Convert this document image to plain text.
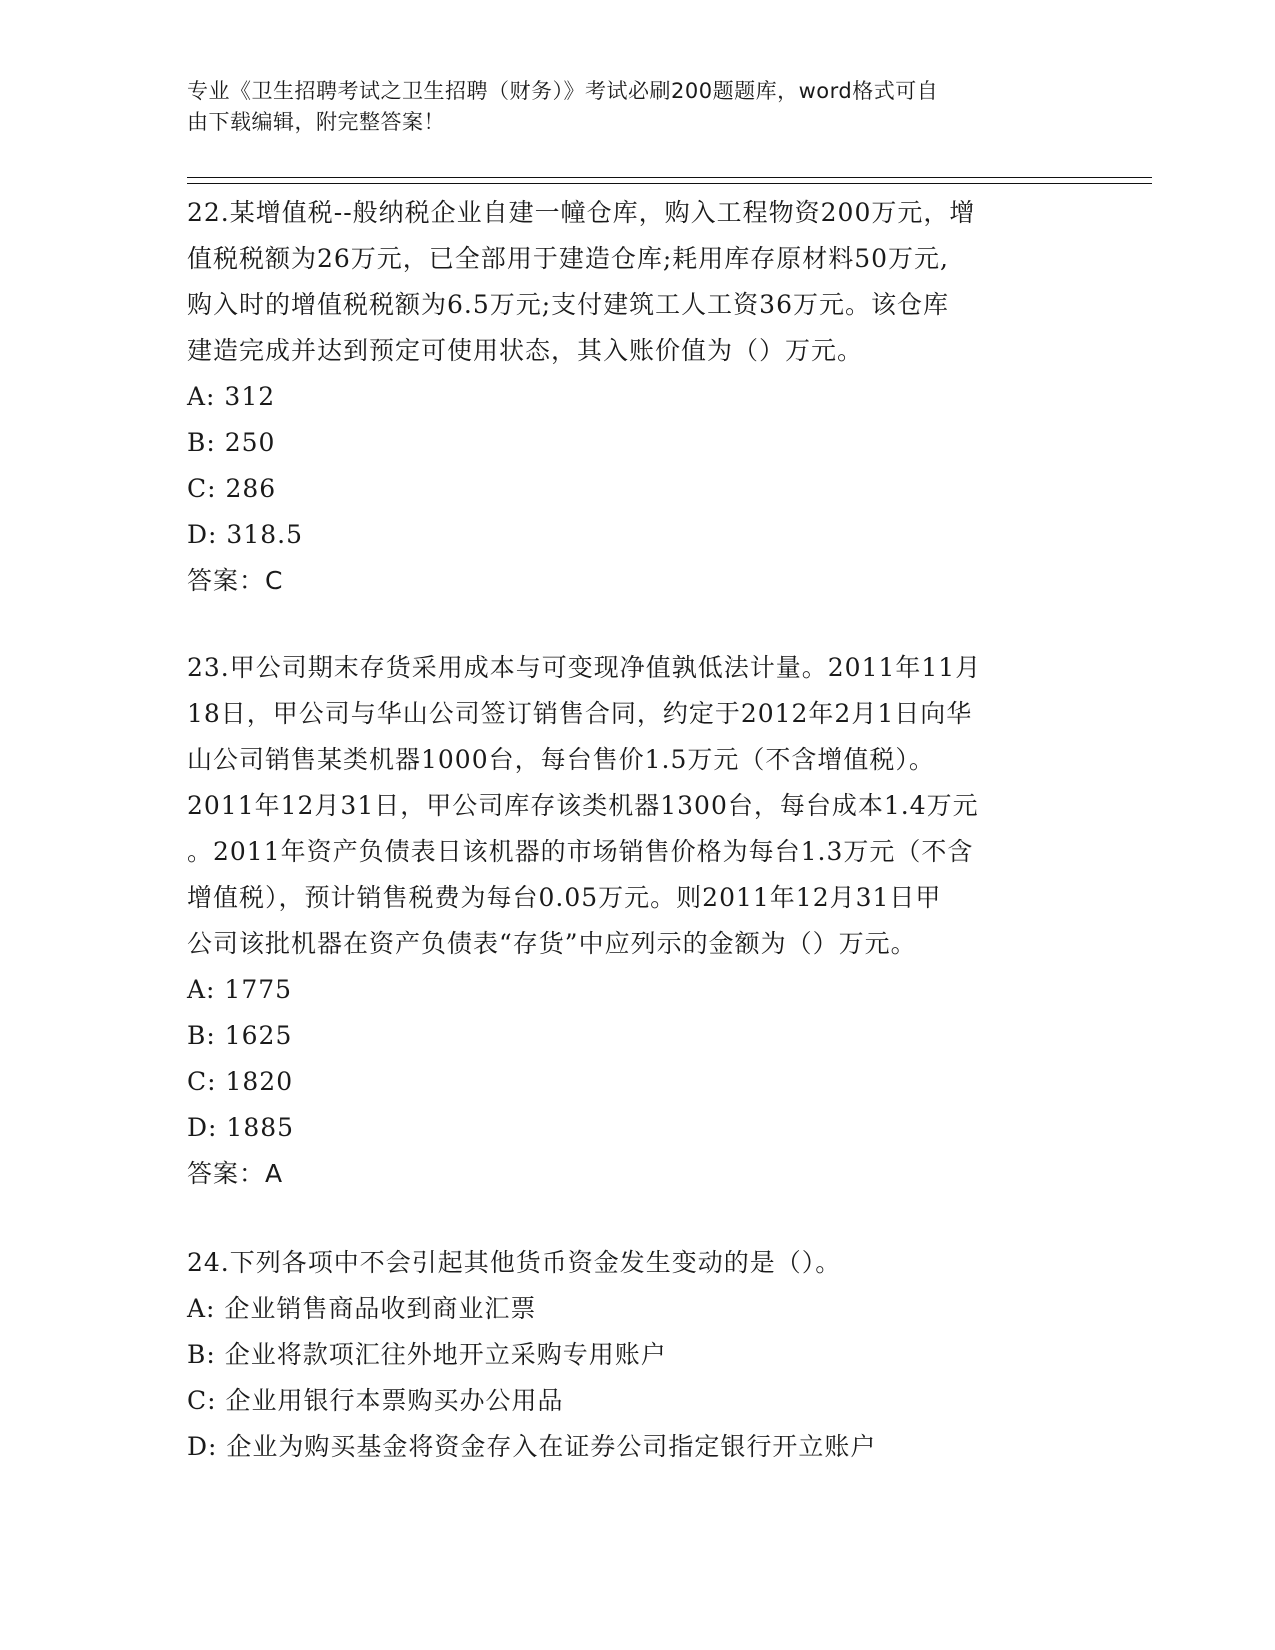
专业《卫生招聘考试之卫生招聘（财务）》考试必刷200题题库，word格式可自
由下载编辑，附完整答案！
22.某增值税--般纳税企业自建一幢仓库，购入工程物资200万元，增
值税税额为26万元，已全部用于建造仓库;耗用库存原材料50万元,
购入时的增值税税额为6.5万元;支付建筑工人工资36万元。该仓库
建造完成并达到预定可使用状态，其入账价值为（）万元。
A: 312
B: 250
C: 286
D: 318.5
答案：C
23.甲公司期末存货采用成本与可变现净值孰低法计量。2011年11月
18日，甲公司与华山公司签订销售合同，约定于2012年2月1日向华
山公司销售某类机器1000台，每台售价1.5万元（不含增值税）。
2011年12月31日，甲公司库存该类机器1300台，每台成本1.4万元
。2011年资产负债表日该机器的市场销售价格为每台1.3万元（不含
增值税），预计销售税费为每台0.05万元。则2011年12月31日甲
公司该批机器在资产负债表“存货”中应列示的金额为（）万元。
A: 1775
B: 1625
C: 1820
D: 1885
答案：A
24.下列各项中不会引起其他货币资金发生变动的是（）。
A: 企业销售商品收到商业汇票
B: 企业将款项汇往外地开立采购专用账户
C: 企业用银行本票购买办公用品
D: 企业为购买基金将资金存入在证券公司指定银行开立账户
